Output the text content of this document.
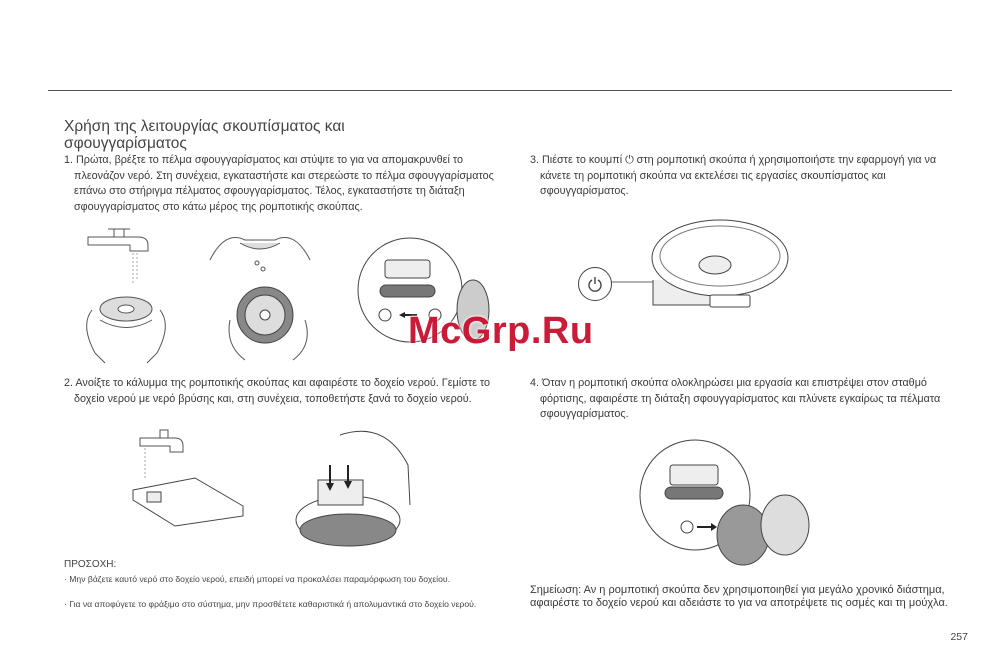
Χρήση της λειτουργίας σκουπίσματος και σφουγγαρίσματος
1. Πρώτα, βρέξτε το πέλμα σφουγγαρίσματος και στύψτε το για να απομακρυνθεί το πλεονάζον νερό. Στη συνέχεια, εγκαταστήστε και στερεώστε το πέλμα σφουγγαρίσματος επάνω στο στήριγμα πέλματος σφουγγαρίσματος. Τέλος, εγκαταστήστε τη διάταξη σφουγγαρίσματος στο κάτω μέρος της ρομποτικής σκούπας.
3. Πιέστε το κουμπί ⏻ στη ρομποτική σκούπα ή χρησιμοποιήστε την εφαρμογή για να κάνετε τη ρομποτική σκούπα να εκτελέσει τις εργασίες σκουπίσματος και σφουγγαρίσματος.
2. Ανοίξτε το κάλυμμα της ρομποτικής σκούπας και αφαιρέστε το δοχείο νερού. Γεμίστε το δοχείο νερού με νερό βρύσης και, στη συνέχεια, τοποθετήστε ξανά το δοχείο νερού.
4. Όταν η ρομποτική σκούπα ολοκληρώσει μια εργασία και επιστρέψει στον σταθμό φόρτισης, αφαιρέστε τη διάταξη σφουγγαρίσματος και πλύνετε εγκαίρως τα πέλματα σφουγγαρίσματος.
ΠΡΟΣΟΧΗ:
· Μην βάζετε καυτό νερό στο δοχείο νερού, επειδή μπορεί να προκαλέσει παραμόρφωση του δοχείου.
· Για να αποφύγετε το φράξιμο στο σύστημα, μην προσθέτετε καθαριστικά ή απολυμαντικά στο δοχείο νερού.
Σημείωση: Αν η ρομποτική σκούπα δεν χρησιμοποιηθεί για μεγάλο χρονικό διάστημα, αφαιρέστε το δοχείο νερού και αδειάστε το για να αποτρέψετε τις οσμές και τη μούχλα.
257
McGrp.Ru
